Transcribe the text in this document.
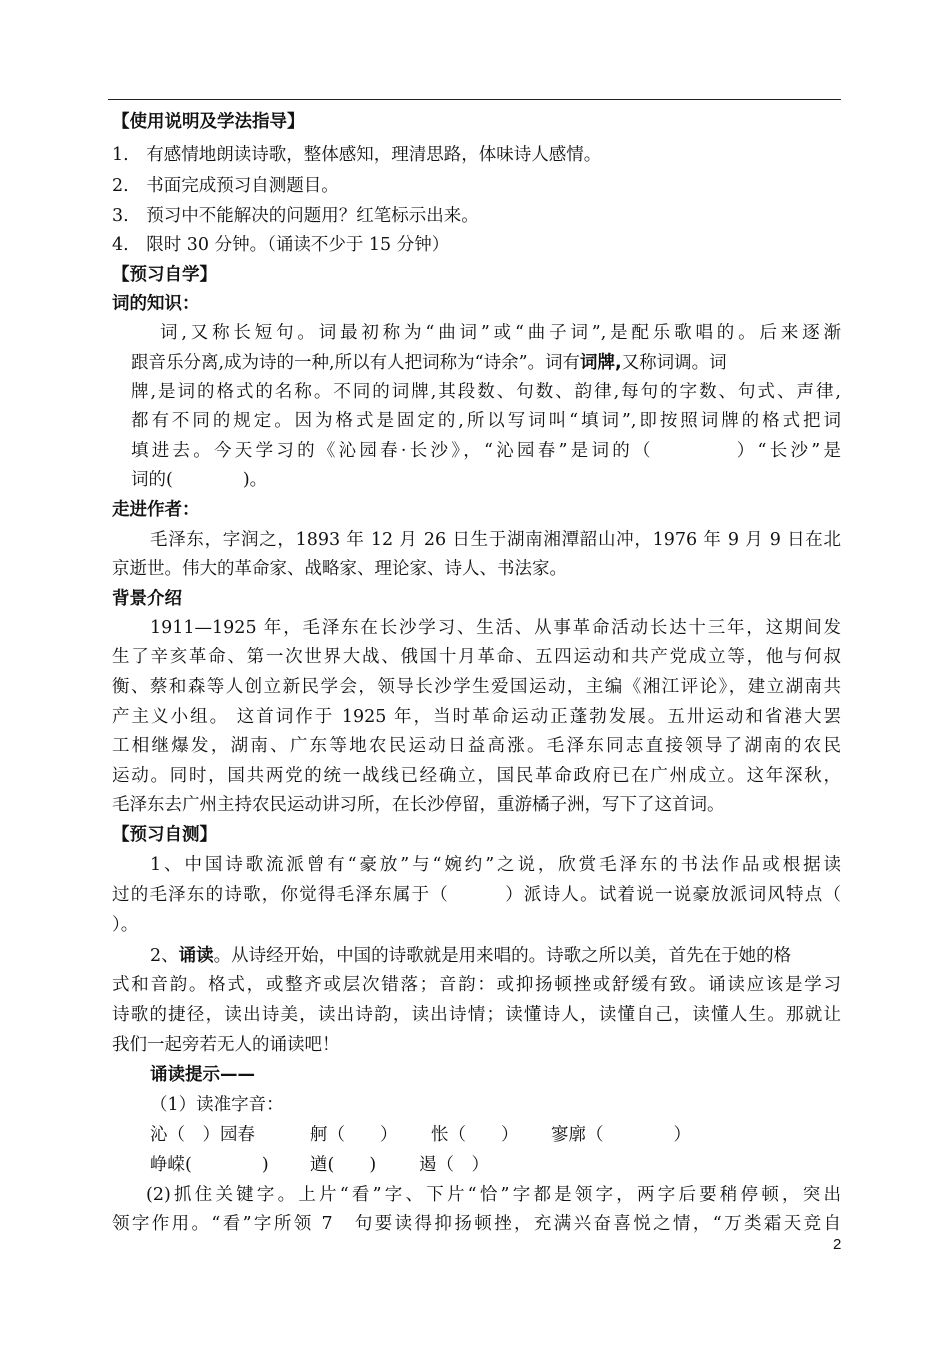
【使用说明及学法指导】
1.　有感情地朗读诗歌，整体感知，理清思路，体味诗人感情。
2.　书面完成预习自测题目。
3.　预习中不能解决的问题用？红笔标示出来。
4.　限时 30 分钟。（诵读不少于 15 分钟）
【预习自学】
词的知识：
词,又称长短句。词最初称为“曲词”或“曲子词”,是配乐歌唱的。后来逐渐
跟音乐分离,成为诗的一种,所以有人把词称为“诗余”。词有词牌,又称词调。词
牌,是词的格式的名称。不同的词牌,其段数、句数、韵律,每句的字数、句式、声律,
都有不同的规定。因为格式是固定的,所以写词叫“填词”,即按照词牌的格式把词
填进去。今天学习的《沁园春·长沙》，“沁园春”是词的（　　　　）“长沙”是
词的(　　　　)。
走进作者：
毛泽东，字润之，1893 年 12 月 26 日生于湖南湘潭韶山冲，1976 年 9 月 9 日在北
京逝世。伟大的革命家、战略家、理论家、诗人、书法家。
背景介绍
1911—1925 年，毛泽东在长沙学习、生活、从事革命活动长达十三年，这期间发
生了辛亥革命、第一次世界大战、俄国十月革命、五四运动和共产党成立等，他与何叔
衡、蔡和森等人创立新民学会，领导长沙学生爱国运动，主编《湘江评论》，建立湖南共
产主义小组。 这首词作于 1925 年，当时革命运动正蓬勃发展。五卅运动和省港大罢
工相继爆发，湖南、广东等地农民运动日益高涨。毛泽东同志直接领导了湖南的农民
运动。同时，国共两党的统一战线已经确立，国民革命政府已在广州成立。这年深秋，
毛泽东去广州主持农民运动讲习所，在长沙停留，重游橘子洲，写下了这首词。
【预习自测】
1、中国诗歌流派曾有“豪放”与“婉约”之说，欣赏毛泽东的书法作品或根据读
过的毛泽东的诗歌，你觉得毛泽东属于（　　　）派诗人。试着说一说豪放派词风特点（
）。
2、诵读。从诗经开始，中国的诗歌就是用来唱的。诗歌之所以美，首先在于她的格
式和音韵。格式，或整齐或层次错落；音韵：或抑扬顿挫或舒缓有致。诵读应该是学习
诗歌的捷径，读出诗美，读出诗韵，读出诗情；读懂诗人，读懂自己，读懂人生。那就让
我们一起旁若无人的诵读吧！
诵读提示——
（1）读准字音：
沁（　）园春	舸（　　） 怅（　　） 寥廓（　　　　）
峥嵘(　　　　) 遒(　　) 遏（　）
(2)抓住关键字。上片“看”字、下片“恰”字都是领字，两字后要稍停顿，突出
领字作用。“看”字所领 7　句要读得抑扬顿挫，充满兴奋喜悦之情，“万类霜天竞自
2
